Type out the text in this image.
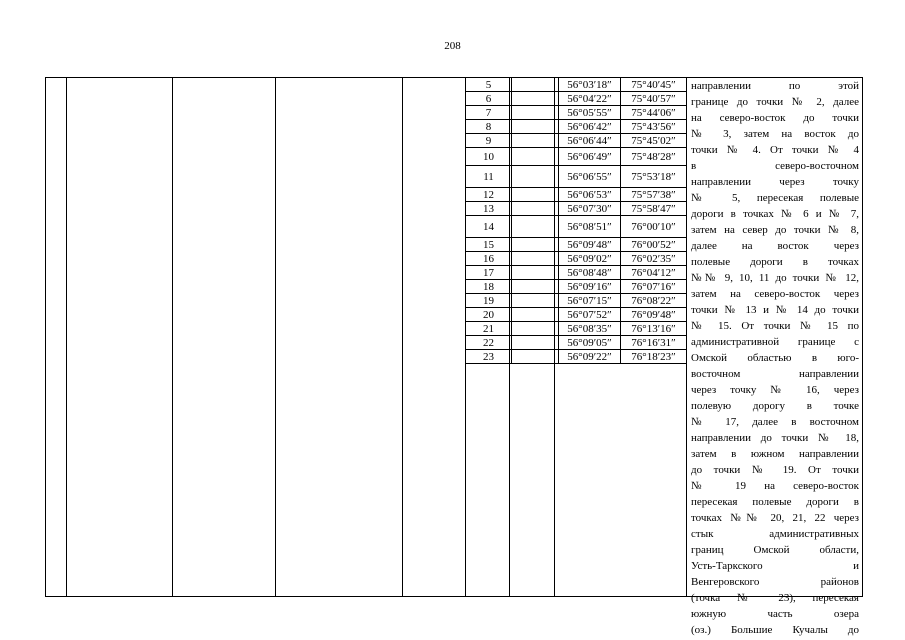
208
5		56°03′18″	75°40′45″
6		56°04′22″	75°40′57″
7		56°05′55″	75°44′06″
8		56°06′42″	75°43′56″
9		56°06′44″	75°45′02″
10		56°06′49″	75°48′28″
11		56°06′55″	75°53′18″
12		56°06′53″	75°57′38″
13		56°07′30″	75°58′47″
14		56°08′51″	76°00′10″
15		56°09′48″	76°00′52″
16		56°09′02″	76°02′35″
17		56°08′48″	76°04′12″
18		56°09′16″	76°07′16″
19		56°07′15″	76°08′22″
20		56°07′52″	76°09′48″
21		56°08′35″	76°13′16″
22		56°09′05″	76°16′31″
23		56°09′22″	76°18′23″
направлении по этой
границе до точки № 2, далее
на северо-восток до точки
№ 3, затем на восток до
точки № 4. От точки № 4
в северо-восточном
направлении через точку
№ 5, пересекая полевые
дороги в точках № 6 и № 7,
затем на север до точки № 8,
далее на восток через
полевые дороги в точках
№№ 9, 10, 11 до точки № 12,
затем на северо-восток через
точки № 13 и № 14 до точки
№ 15. От точки № 15 по
административной границе с
Омской областью в юго-
восточном направлении
через точку № 16, через
полевую дорогу в точке
№ 17, далее в восточном
направлении до точки № 18,
затем в южном направлении
до точки № 19. От точки
№ 19 на северо-восток
пересекая полевые дороги в
точках №№ 20, 21, 22 через
стык административных
границ Омской области,
Усть-Таркского и
Венгеровского районов
(точка № 23), пересекая
южную часть озера
(оз.) Большие Кучалы до
